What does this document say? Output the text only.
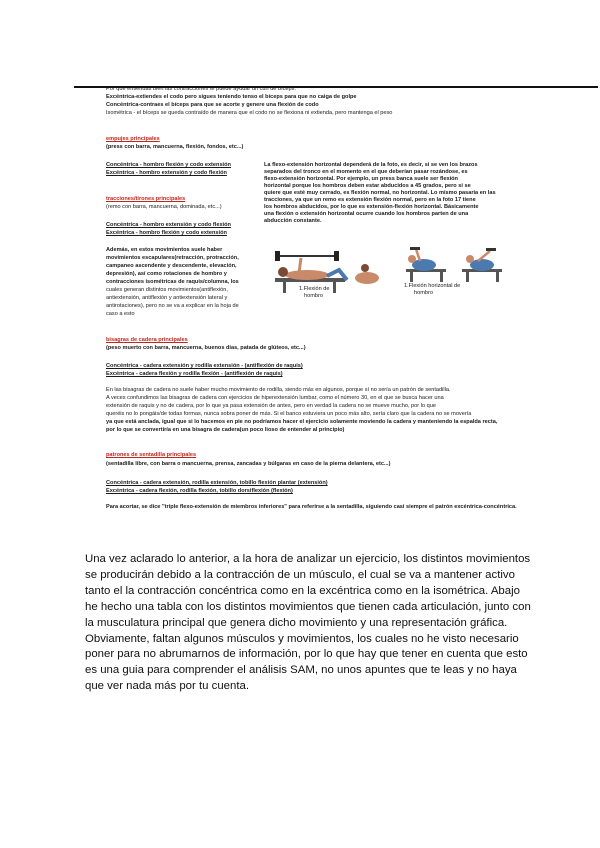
Por que entiendas bien las contracciones te puede ayudar un curl de bíceps:
Excéntrica-extiendes el codo pero sigues teniendo tenso el bíceps para que no caiga de golpe
Concéntrica-contraes el bíceps para que se acorte y genere una flexión de codo
Isométrica - el bíceps se queda contraído de manera que el codo no se flexiona ni extienda, pero mantenga el peso
empujes principales
(press con barra, mancuerna, flexión, fondos, etc...)
Concéntrica - hombro flexión y codo extensión
Excéntrica - hombro extensión y codo flexión
tracciones/tirones principales
(remo con barra, mancuerna, dominada, etc...)
Concéntrica - hombro extensión y codo flexión
Excéntrica - hombro flexión y codo extensión
Además, en estos movimientos suele haber
movimientos escapulares(retracción, protracción,
campaneo ascendente y descendente, elevación,
depresión), así como rotaciones de hombro y
contracciones isométricas de raquis/columna, los
cuales generan distintos movimientos(antiflexión,
antiextensión, antiflexión y antiextensión lateral y
antirotaciones), pero no se va a explicar en la hoja de
caso a esto
La flexo-extensión horizontal dependerá de la foto, es decir, si se ven los brazos
separados del tronco en el momento en el que deberían pasar rozándose, es
flexo-extensión horizontal. Por ejemplo, un press banca suele ser flexión
horizontal porque los hombros deben estar abducidos a 45 grados, pero si se
quiere que esté muy cerrado, es flexión normal, no horizontal. Lo mismo pasaría en las
tracciones, ya que un remo es extensión flexión normal, pero en la foto 17 tiene
los hombros abducidos, por lo que es extensión-flexión horizontal. Básicamente
una flexión o extensión horizontal ocurre cuando los hombros parten de una
abducción constante.
1.Flexión de
hombro
1.Flexión horizontal de
hombro
bisagras de cadera principales
(peso muerto con barra, mancuerna, buenos días, patada de glúteos, etc...)
Concéntrica - cadera extensión y rodilla extensión - (antiflexión de raquis)
Excéntrica - cadera flexión y rodilla flexión - (antiflexión de raquis)
En las bisagras de cadera no suele haber mucho movimiento de rodilla, siendo más en algunos, porque sí no sería un patrón de sentadilla.
A veces confundimos las bisagras de cadera con ejercicios de hiperextensión lumbar, como el número 30, en el que se busca hacer una
extensión de raquis y no de cadera, por lo que ya pasa extensión de antes, pero en verdad la cadera no se mueve mucho, por lo que
queréis no lo pongáis/de todas formas, nunca sobra poner de más. Si el banco estuviera un poco más alto, sería claro que la cadera no se movería
ya que está anclada, igual que si lo hacemos en pie no podríamos hacer el ejercicio solamente moviendo la cadera y manteniendo la espalda recta,
por lo que se convertiría en una bisagra de cadera(un poco lioso de entender al principio)
patrones de sentadilla principales
(sentadilla libre, con barra o mancuerna, prensa, zancadas y búlgaras en caso de la pierna delantera, etc...)
Concéntrica - cadera extensión, rodilla extensión, tobillo flexión plantar (extensión)
Excéntrica - cadera flexión, rodilla flexión, tobillo dorsiflexión (flexión)
Para acortar, se dice "triple flexo-extensión de miembros inferiores" para referirse a la sentadilla, siguiendo casi siempre el patrón excéntrica-concéntrica.
Una vez aclarado lo anterior, a la hora de analizar un ejercicio, los distintos movimientos se producirán debido a la contracción de un músculo, el cual se va a mantener activo tanto el la contracción concéntrica como en la excéntrica como en la isométrica. Abajo he hecho una tabla con los distintos movimientos que tienen cada articulación, junto con la musculatura principal que genera dicho movimiento y una representación gráfica. Obviamente, faltan algunos músculos y movimientos, los cuales no he visto necesario poner para no abrumarnos de información, por lo que hay que tener en cuenta que esto es una guia para comprender el análisis SAM, no unos apuntes que te leas y no haya que ver nada más por tu cuenta.
